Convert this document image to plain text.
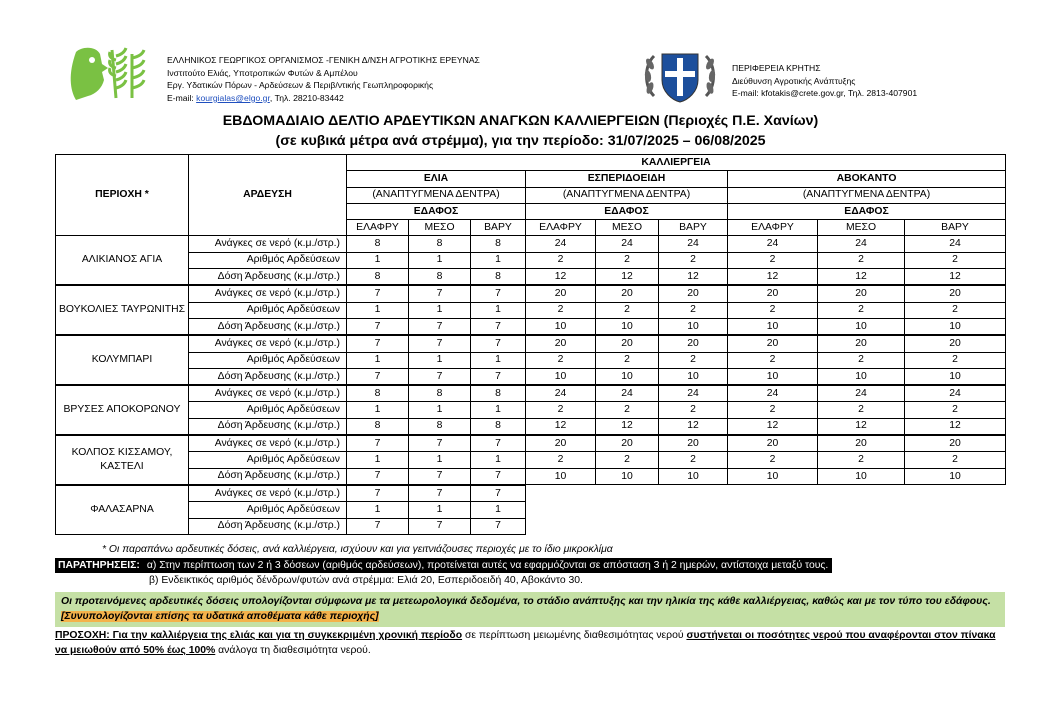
ΕΛΛΗΝΙΚΟΣ ΓΕΩΡΓΙΚΟΣ ΟΡΓΑΝΙΣΜΟΣ -ΓΕΝΙΚΗ Δ/ΝΣΗ ΑΓΡΟΤΙΚΗΣ ΕΡΕΥΝΑΣ
Ινστιτούτο Ελιάς, Υποτροπικών Φυτών & Αμπέλου
Εργ. Υδατικών Πόρων - Αρδεύσεων & Περιβ/ντικής Γεωπληροφορικής
E-mail: kourgialas@elgo.gr, Τηλ. 28210-83442
ΠΕΡΙΦΕΡΕΙΑ ΚΡΗΤΗΣ
Διεύθυνση Αγροτικής Ανάπτυξης
E-mail: kfotakis@crete.gov.gr, Τηλ. 2813-407901
ΕΒΔΟΜΑΔΙΑΙΟ ΔΕΛΤΙΟ ΑΡΔΕΥΤΙΚΩΝ ΑΝΑΓΚΩΝ ΚΑΛΛΙΕΡΓΕΙΩΝ (Περιοχές Π.Ε. Χανίων)
(σε κυβικά μέτρα ανά στρέμμα), για την περίοδο: 31/07/2025 – 06/08/2025
ΠΕΡΙΟΧΗ *	ΑΡΔΕΥΣΗ	ΚΑΛΛΙΕΡΓΕΙΑ								
		ΕΛΙΑ			ΕΣΠΕΡΙΔΟΕΙΔΗ			ΑΒΟΚΑΝΤΟ		
		(ΑΝΑΠΤΥΓΜΕΝΑ ΔΕΝΤΡΑ)			(ΑΝΑΠΤΥΓΜΕΝΑ ΔΕΝΤΡΑ)			(ΑΝΑΠΤΥΓΜΕΝΑ ΔΕΝΤΡΑ)		
		ΕΔΑΦΟΣ			ΕΔΑΦΟΣ			ΕΔΑΦΟΣ		
		ΕΛΑΦΡΥ	ΜΕΣΟ	ΒΑΡΥ	ΕΛΑΦΡΥ	ΜΕΣΟ	ΒΑΡΥ	ΕΛΑΦΡΥ	ΜΕΣΟ	ΒΑΡΥ
ΑΛΙΚΙΑΝΟΣ ΑΓΙΑ	Ανάγκες σε νερό (κ.μ./στρ.)	8	8	8	24	24	24	24	24	24
	Αριθμός Αρδεύσεων	1	1	1	2	2	2	2	2	2
	Δόση Άρδευσης (κ.μ./στρ.)	8	8	8	12	12	12	12	12	12
ΒΟΥΚΟΛΙΕΣ ΤΑΥΡΩΝΙΤΗΣ	Ανάγκες σε νερό (κ.μ./στρ.)	7	7	7	20	20	20	20	20	20
	Αριθμός Αρδεύσεων	1	1	1	2	2	2	2	2	2
	Δόση Άρδευσης (κ.μ./στρ.)	7	7	7	10	10	10	10	10	10
ΚΟΛΥΜΠΑΡΙ	Ανάγκες σε νερό (κ.μ./στρ.)	7	7	7	20	20	20	20	20	20
	Αριθμός Αρδεύσεων	1	1	1	2	2	2	2	2	2
	Δόση Άρδευσης (κ.μ./στρ.)	7	7	7	10	10	10	10	10	10
ΒΡΥΣΕΣ ΑΠΟΚΟΡΩΝΟΥ	Ανάγκες σε νερό (κ.μ./στρ.)	8	8	8	24	24	24	24	24	24
	Αριθμός Αρδεύσεων	1	1	1	2	2	2	2	2	2
	Δόση Άρδευσης (κ.μ./στρ.)	8	8	8	12	12	12	12	12	12
ΚΟΛΠΟΣ ΚΙΣΣΑΜΟΥ, ΚΑΣΤΕΛΙ	Ανάγκες σε νερό (κ.μ./στρ.)	7	7	7	20	20	20	20	20	20
	Αριθμός Αρδεύσεων	1	1	1	2	2	2	2	2	2
	Δόση Άρδευσης (κ.μ./στρ.)	7	7	7	10	10	10	10	10	10
ΦΑΛΑΣΑΡΝΑ	Ανάγκες σε νερό (κ.μ./στρ.)	7	7	7						
	Αριθμός Αρδεύσεων	1	1	1						
	Δόση Άρδευσης (κ.μ./στρ.)	7	7	7						
* Οι παραπάνω αρδευτικές δόσεις, ανά καλλιέργεια, ισχύουν και για γειτνιάζουσες περιοχές με το ίδιο μικροκλίμα
ΠΑΡΑΤΗΡΗΣΕΙΣ: α) Στην περίπτωση των 2 ή 3 δόσεων (αριθμός αρδεύσεων), προτείνεται αυτές να εφαρμόζονται σε απόσταση 3 ή 2 ημερών, αντίστοιχα μεταξύ τους.
β) Ενδεικτικός αριθμός δένδρων/φυτών ανά στρέμμα: Ελιά 20, Εσπεριδοειδή 40, Αβοκάντο 30.
Οι προτεινόμενες αρδευτικές δόσεις υπολογίζονται σύμφωνα με τα μετεωρολογικά δεδομένα, το στάδιο ανάπτυξης και την ηλικία της κάθε καλλιέργειας, καθώς και με τον τύπο του εδάφους. [Συνυπολογίζονται επίσης τα υδατικά αποθέματα κάθε περιοχής]
ΠΡΟΣΟΧΗ: Για την καλλιέργεια της ελιάς και για τη συγκεκριμένη χρονική περίοδο σε περίπτωση μειωμένης διαθεσιμότητας νερού συστήνεται οι ποσότητες νερού που αναφέρονται στον πίνακα να μειωθούν από 50% έως 100% ανάλογα τη διαθεσιμότητα νερού.
